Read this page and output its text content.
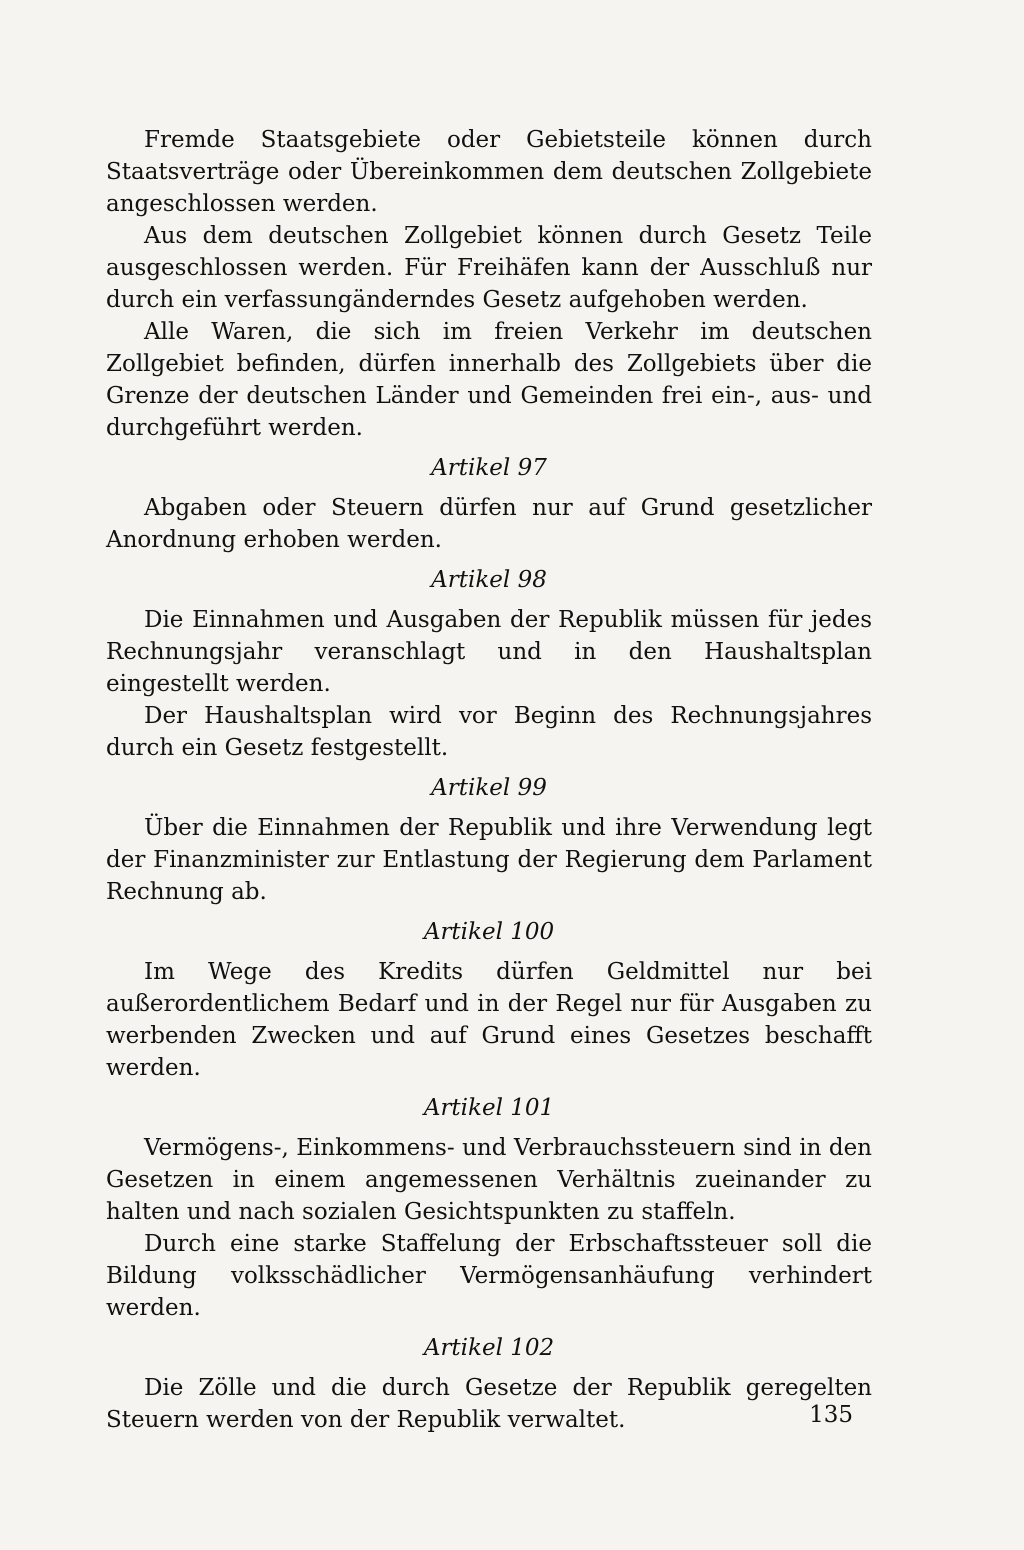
Fremde Staatsgebiete oder Gebietsteile können durch Staatsverträge oder Übereinkommen dem deutschen Zollgebiete angeschlossen werden.

Aus dem deutschen Zollgebiet können durch Gesetz Teile ausgeschlossen werden. Für Freihäfen kann der Ausschluß nur durch ein verfassungänderndes Gesetz aufgehoben werden.

Alle Waren, die sich im freien Verkehr im deutschen Zollgebiet befinden, dürfen innerhalb des Zollgebiets über die Grenze der deutschen Länder und Gemeinden frei ein-, aus- und durchgeführt werden.

Artikel 97

Abgaben oder Steuern dürfen nur auf Grund gesetzlicher Anordnung erhoben werden.

Artikel 98

Die Einnahmen und Ausgaben der Republik müssen für jedes Rechnungsjahr veranschlagt und in den Haushaltsplan eingestellt werden.

Der Haushaltsplan wird vor Beginn des Rechnungsjahres durch ein Gesetz festgestellt.

Artikel 99

Über die Einnahmen der Republik und ihre Verwendung legt der Finanzminister zur Entlastung der Regierung dem Parlament Rechnung ab.

Artikel 100

Im Wege des Kredits dürfen Geldmittel nur bei außerordentlichem Bedarf und in der Regel nur für Ausgaben zu werbenden Zwecken und auf Grund eines Gesetzes beschafft werden.

Artikel 101

Vermögens-, Einkommens- und Verbrauchssteuern sind in den Gesetzen in einem angemessenen Verhältnis zueinander zu halten und nach sozialen Gesichtspunkten zu staffeln.

Durch eine starke Staffelung der Erbschaftssteuer soll die Bildung volksschädlicher Vermögensanhäufung verhindert werden.

Artikel 102

Die Zölle und die durch Gesetze der Republik geregelten Steuern werden von der Republik verwaltet.	135
